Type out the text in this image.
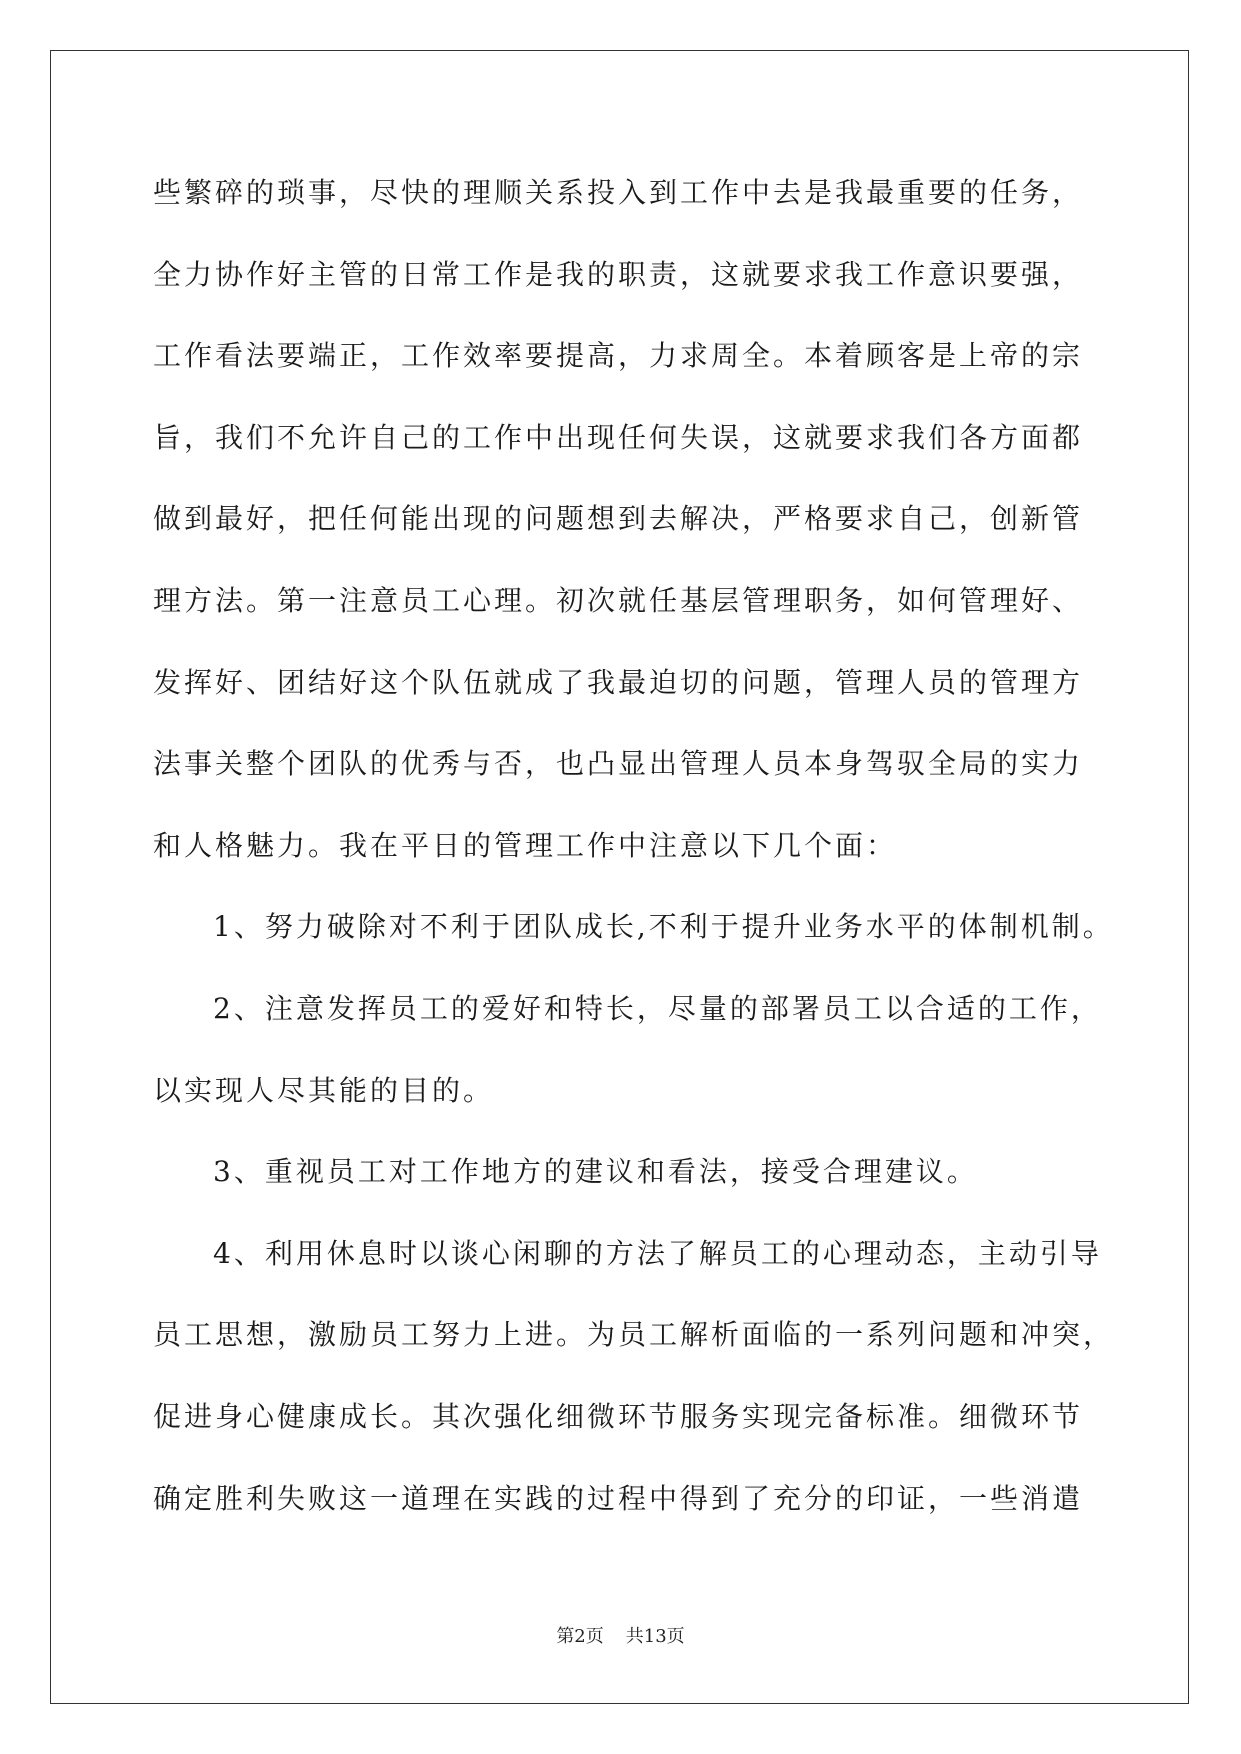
些繁碎的琐事，尽快的理顺关系投入到工作中去是我最重要的任务，
全力协作好主管的日常工作是我的职责，这就要求我工作意识要强，
工作看法要端正，工作效率要提高，力求周全。本着顾客是上帝的宗
旨，我们不允许自己的工作中出现任何失误，这就要求我们各方面都
做到最好，把任何能出现的问题想到去解决，严格要求自己，创新管
理方法。第一注意员工心理。初次就任基层管理职务，如何管理好、
发挥好、团结好这个队伍就成了我最迫切的问题，管理人员的管理方
法事关整个团队的优秀与否，也凸显出管理人员本身驾驭全局的实力
和人格魅力。我在平日的管理工作中注意以下几个面：
1、努力破除对不利于团队成长,不利于提升业务水平的体制机制。
2、注意发挥员工的爱好和特长，尽量的部署员工以合适的工作，
以实现人尽其能的目的。
3、重视员工对工作地方的建议和看法，接受合理建议。
4、利用休息时以谈心闲聊的方法了解员工的心理动态，主动引导
员工思想，激励员工努力上进。为员工解析面临的一系列问题和冲突，
促进身心健康成长。其次强化细微环节服务实现完备标准。细微环节
确定胜利失败这一道理在实践的过程中得到了充分的印证，一些消遣
第2页 共13页
